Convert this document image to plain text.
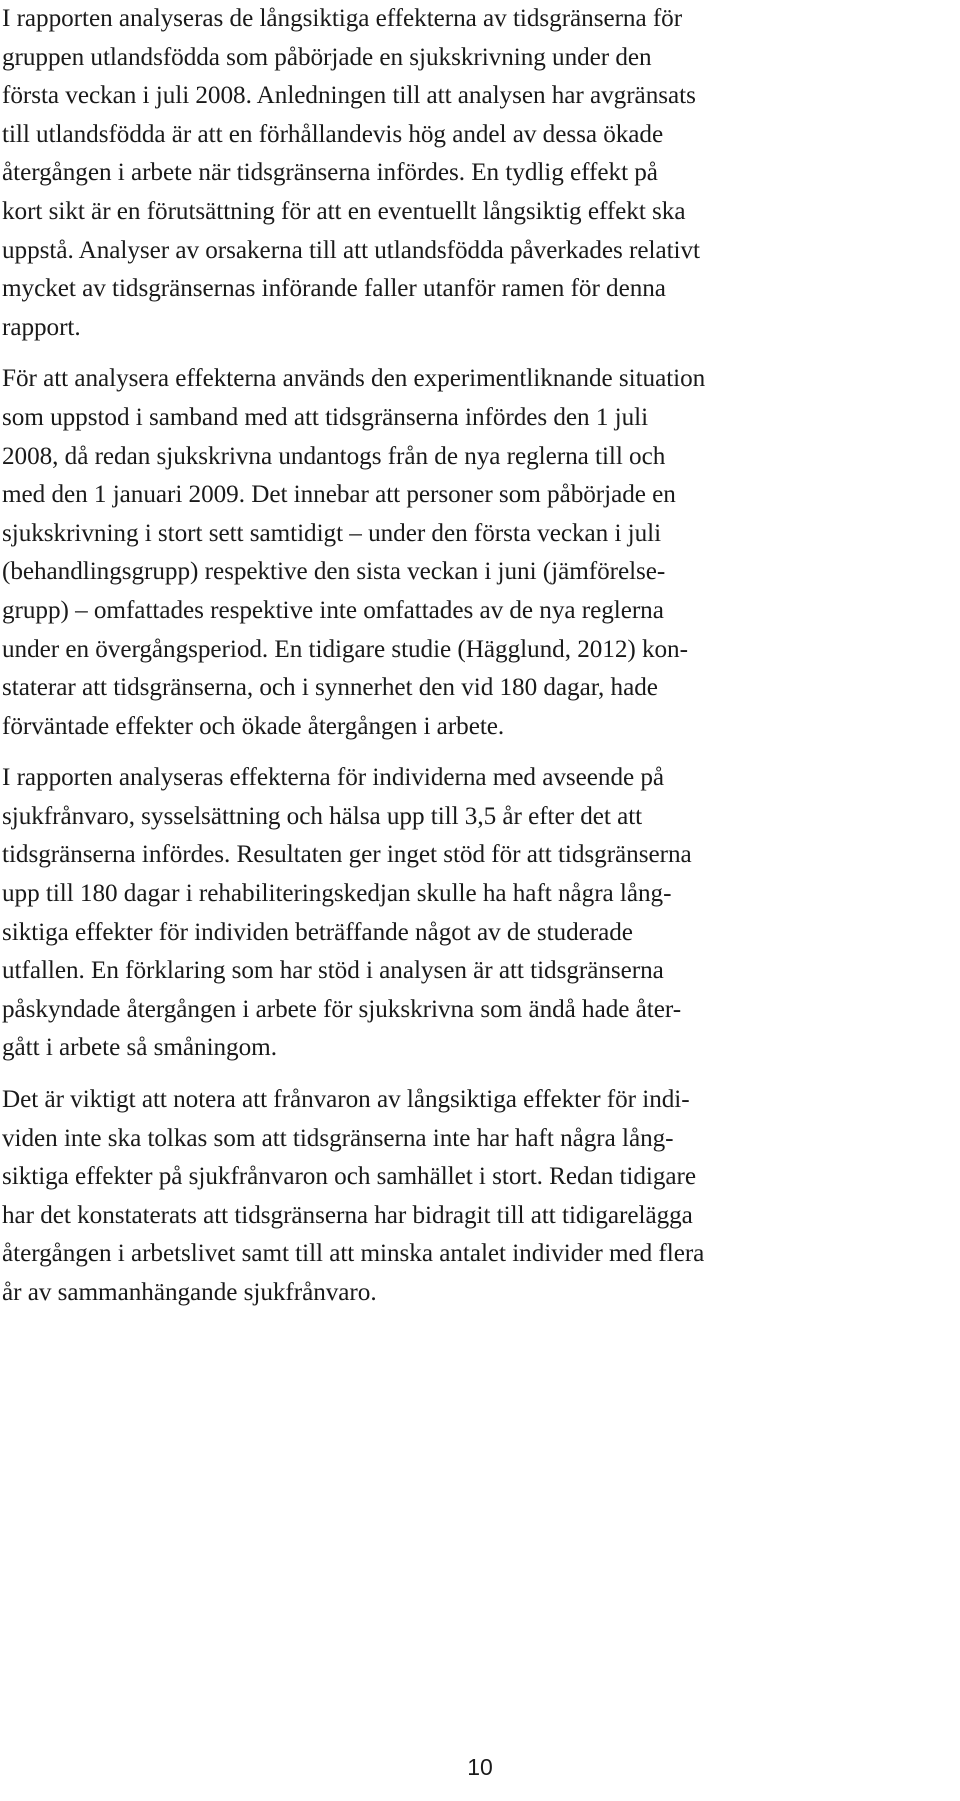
I rapporten analyseras de långsiktiga effekterna av tidsgränserna för
gruppen utlandsfödda som påbörjade en sjukskrivning under den
första veckan i juli 2008. Anledningen till att analysen har avgränsats
till utlandsfödda är att en förhållandevis hög andel av dessa ökade
återgången i arbete när tidsgränserna infördes. En tydlig effekt på
kort sikt är en förutsättning för att en eventuellt långsiktig effekt ska
uppstå. Analyser av orsakerna till att utlandsfödda påverkades relativt
mycket av tidsgränsernas införande faller utanför ramen för denna
rapport.

För att analysera effekterna används den experimentliknande situation
som uppstod i samband med att tidsgränserna infördes den 1 juli
2008, då redan sjukskrivna undantogs från de nya reglerna till och
med den 1 januari 2009. Det innebar att personer som påbörjade en
sjukskrivning i stort sett samtidigt – under den första veckan i juli
(behandlingsgrupp) respektive den sista veckan i juni (jämförelse-
grupp) – omfattades respektive inte omfattades av de nya reglerna
under en övergångsperiod. En tidigare studie (Hägglund, 2012) kon-
staterar att tidsgränserna, och i synnerhet den vid 180 dagar, hade
förväntade effekter och ökade återgången i arbete.

I rapporten analyseras effekterna för individerna med avseende på
sjukfrånvaro, sysselsättning och hälsa upp till 3,5 år efter det att
tidsgränserna infördes. Resultaten ger inget stöd för att tidsgränserna
upp till 180 dagar i rehabiliteringskedjan skulle ha haft några lång-
siktiga effekter för individen beträffande något av de studerade
utfallen. En förklaring som har stöd i analysen är att tidsgränserna
påskyndade återgången i arbete för sjukskrivna som ändå hade åter-
gått i arbete så småningom.

Det är viktigt att notera att frånvaron av långsiktiga effekter för indi-
viden inte ska tolkas som att tidsgränserna inte har haft några lång-
siktiga effekter på sjukfrånvaron och samhället i stort. Redan tidigare
har det konstaterats att tidsgränserna har bidragit till att tidigarelägga
återgången i arbetslivet samt till att minska antalet individer med flera
år av sammanhängande sjukfrånvaro.

10
